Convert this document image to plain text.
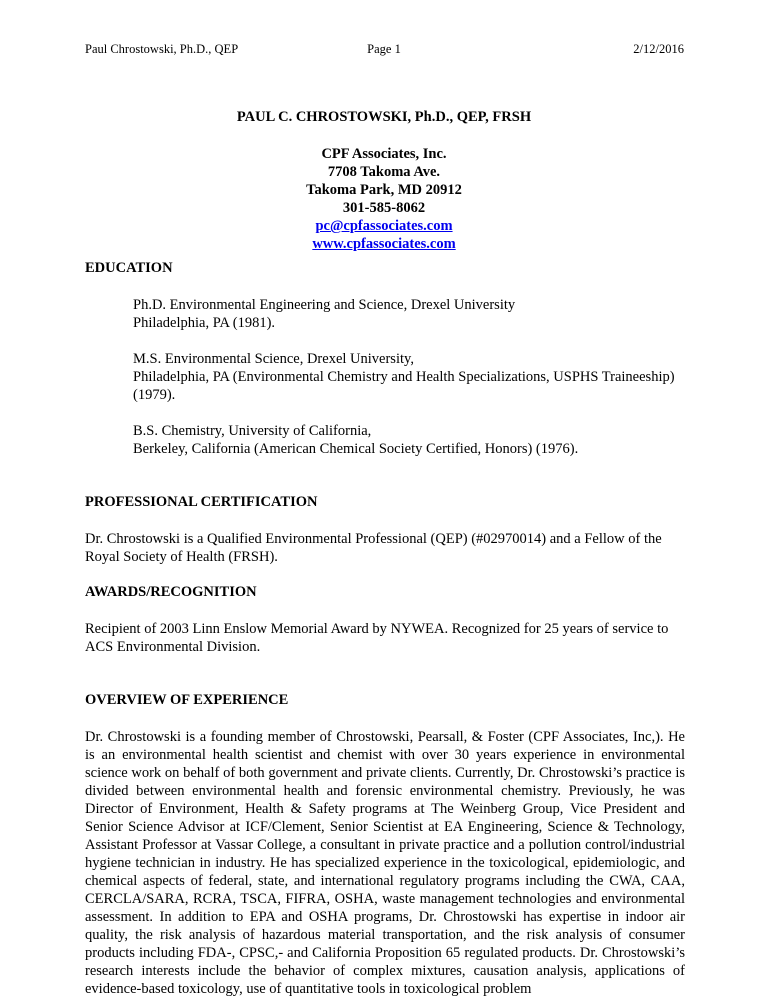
Paul Chrostowski, Ph.D., QEP	Page 1	2/12/2016
PAUL C. CHROSTOWSKI, Ph.D., QEP, FRSH
CPF Associates, Inc.
7708 Takoma Ave.
Takoma Park, MD 20912
301-585-8062
pc@cpfassociates.com
www.cpfassociates.com
EDUCATION
Ph.D. Environmental Engineering and Science, Drexel University
Philadelphia, PA (1981).
M.S. Environmental Science, Drexel University,
Philadelphia, PA (Environmental Chemistry and Health Specializations, USPHS Traineeship) (1979).
B.S. Chemistry, University of California,
Berkeley, California (American Chemical Society Certified, Honors) (1976).
PROFESSIONAL CERTIFICATION
Dr. Chrostowski is a Qualified Environmental Professional (QEP) (#02970014) and a Fellow of the Royal Society of Health (FRSH).
AWARDS/RECOGNITION
Recipient of 2003 Linn Enslow Memorial Award by NYWEA. Recognized for 25 years of service to ACS Environmental Division.
OVERVIEW OF EXPERIENCE
Dr. Chrostowski is a founding member of Chrostowski, Pearsall, & Foster (CPF Associates, Inc,). He is an environmental health scientist and chemist with over 30 years experience in environmental science work on behalf of both government and private clients. Currently, Dr. Chrostowski’s practice is divided between environmental health and forensic environmental chemistry. Previously, he was Director of Environment, Health & Safety programs at The Weinberg Group, Vice President and Senior Science Advisor at ICF/Clement, Senior Scientist at EA Engineering, Science & Technology, Assistant Professor at Vassar College, a consultant in private practice and a pollution control/industrial hygiene technician in industry. He has specialized experience in the toxicological, epidemiologic, and chemical aspects of federal, state, and international regulatory programs including the CWA, CAA, CERCLA/SARA, RCRA, TSCA, FIFRA, OSHA, waste management technologies and environmental assessment. In addition to EPA and OSHA programs, Dr. Chrostowski has expertise in indoor air quality, the risk analysis of hazardous material transportation, and the risk analysis of consumer products including FDA-, CPSC,- and California Proposition 65 regulated products. Dr. Chrostowski’s research interests include the behavior of complex mixtures, causation analysis, applications of evidence-based toxicology, use of quantitative tools in toxicological problem
